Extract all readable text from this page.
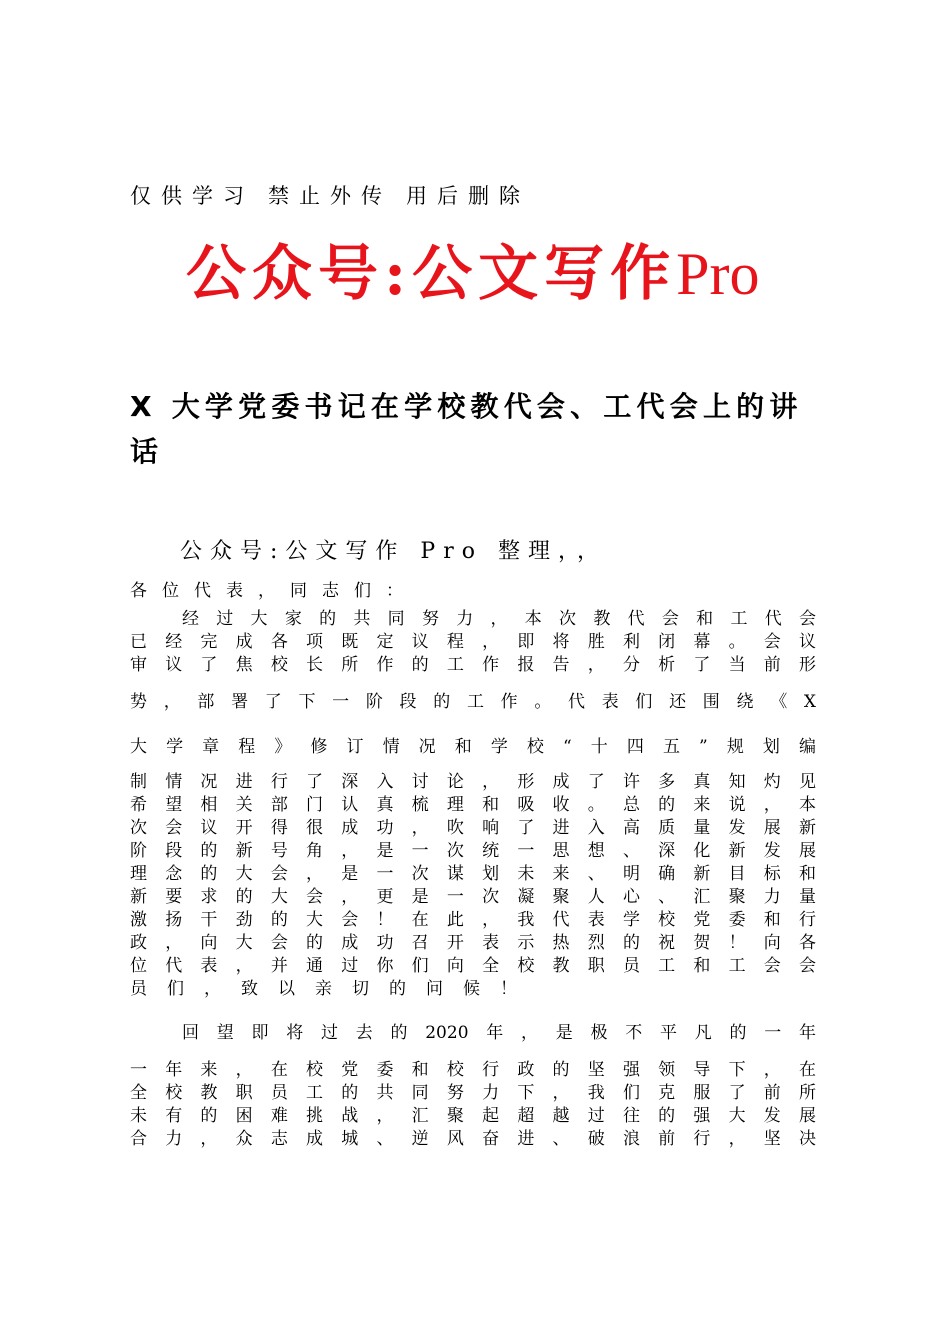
仅供学习 禁止外传 用后删除
公众号:公文写作Pro
X 大学党委书记在学校教代会、工代会上的讲话
公众号:公文写作 Pro 整理，，
各位代表，同志们：
经过大家的共同努力，本次教代会和工代会
已经完成各项既定议程，即将胜利闭幕。会议
审议了焦校长所作的工作报告，分析了当前形
势，部署了下一阶段的工作。代表们还围绕《X
大学章程》修订情况和学校“十四五”规划编
制情况进行了深入讨论，形成了许多真知灼见
希望相关部门认真梳理和吸收。总的来说，本
次会议开得很成功，吹响了进入高质量发展新
阶段的新号角，是一次统一思想、深化新发展
理念的大会，是一次谋划未来、明确新目标和
新要求的大会，更是一次凝聚人心、汇聚力量
激扬干劲的大会！在此，我代表学校党委和行
政，向大会的成功召开表示热烈的祝贺！向各
位代表，并通过你们向全校教职员工和工会会
员们，致以亲切的问候！
回望即将过去的2020年，是极不平凡的一年
一年来，在校党委和校行政的坚强领导下，在
全校教职员工的共同努力下，我们克服了前所
未有的困难挑战，汇聚起超越过往的强大发展
合力，众志成城、逆风奋进、破浪前行，坚决
